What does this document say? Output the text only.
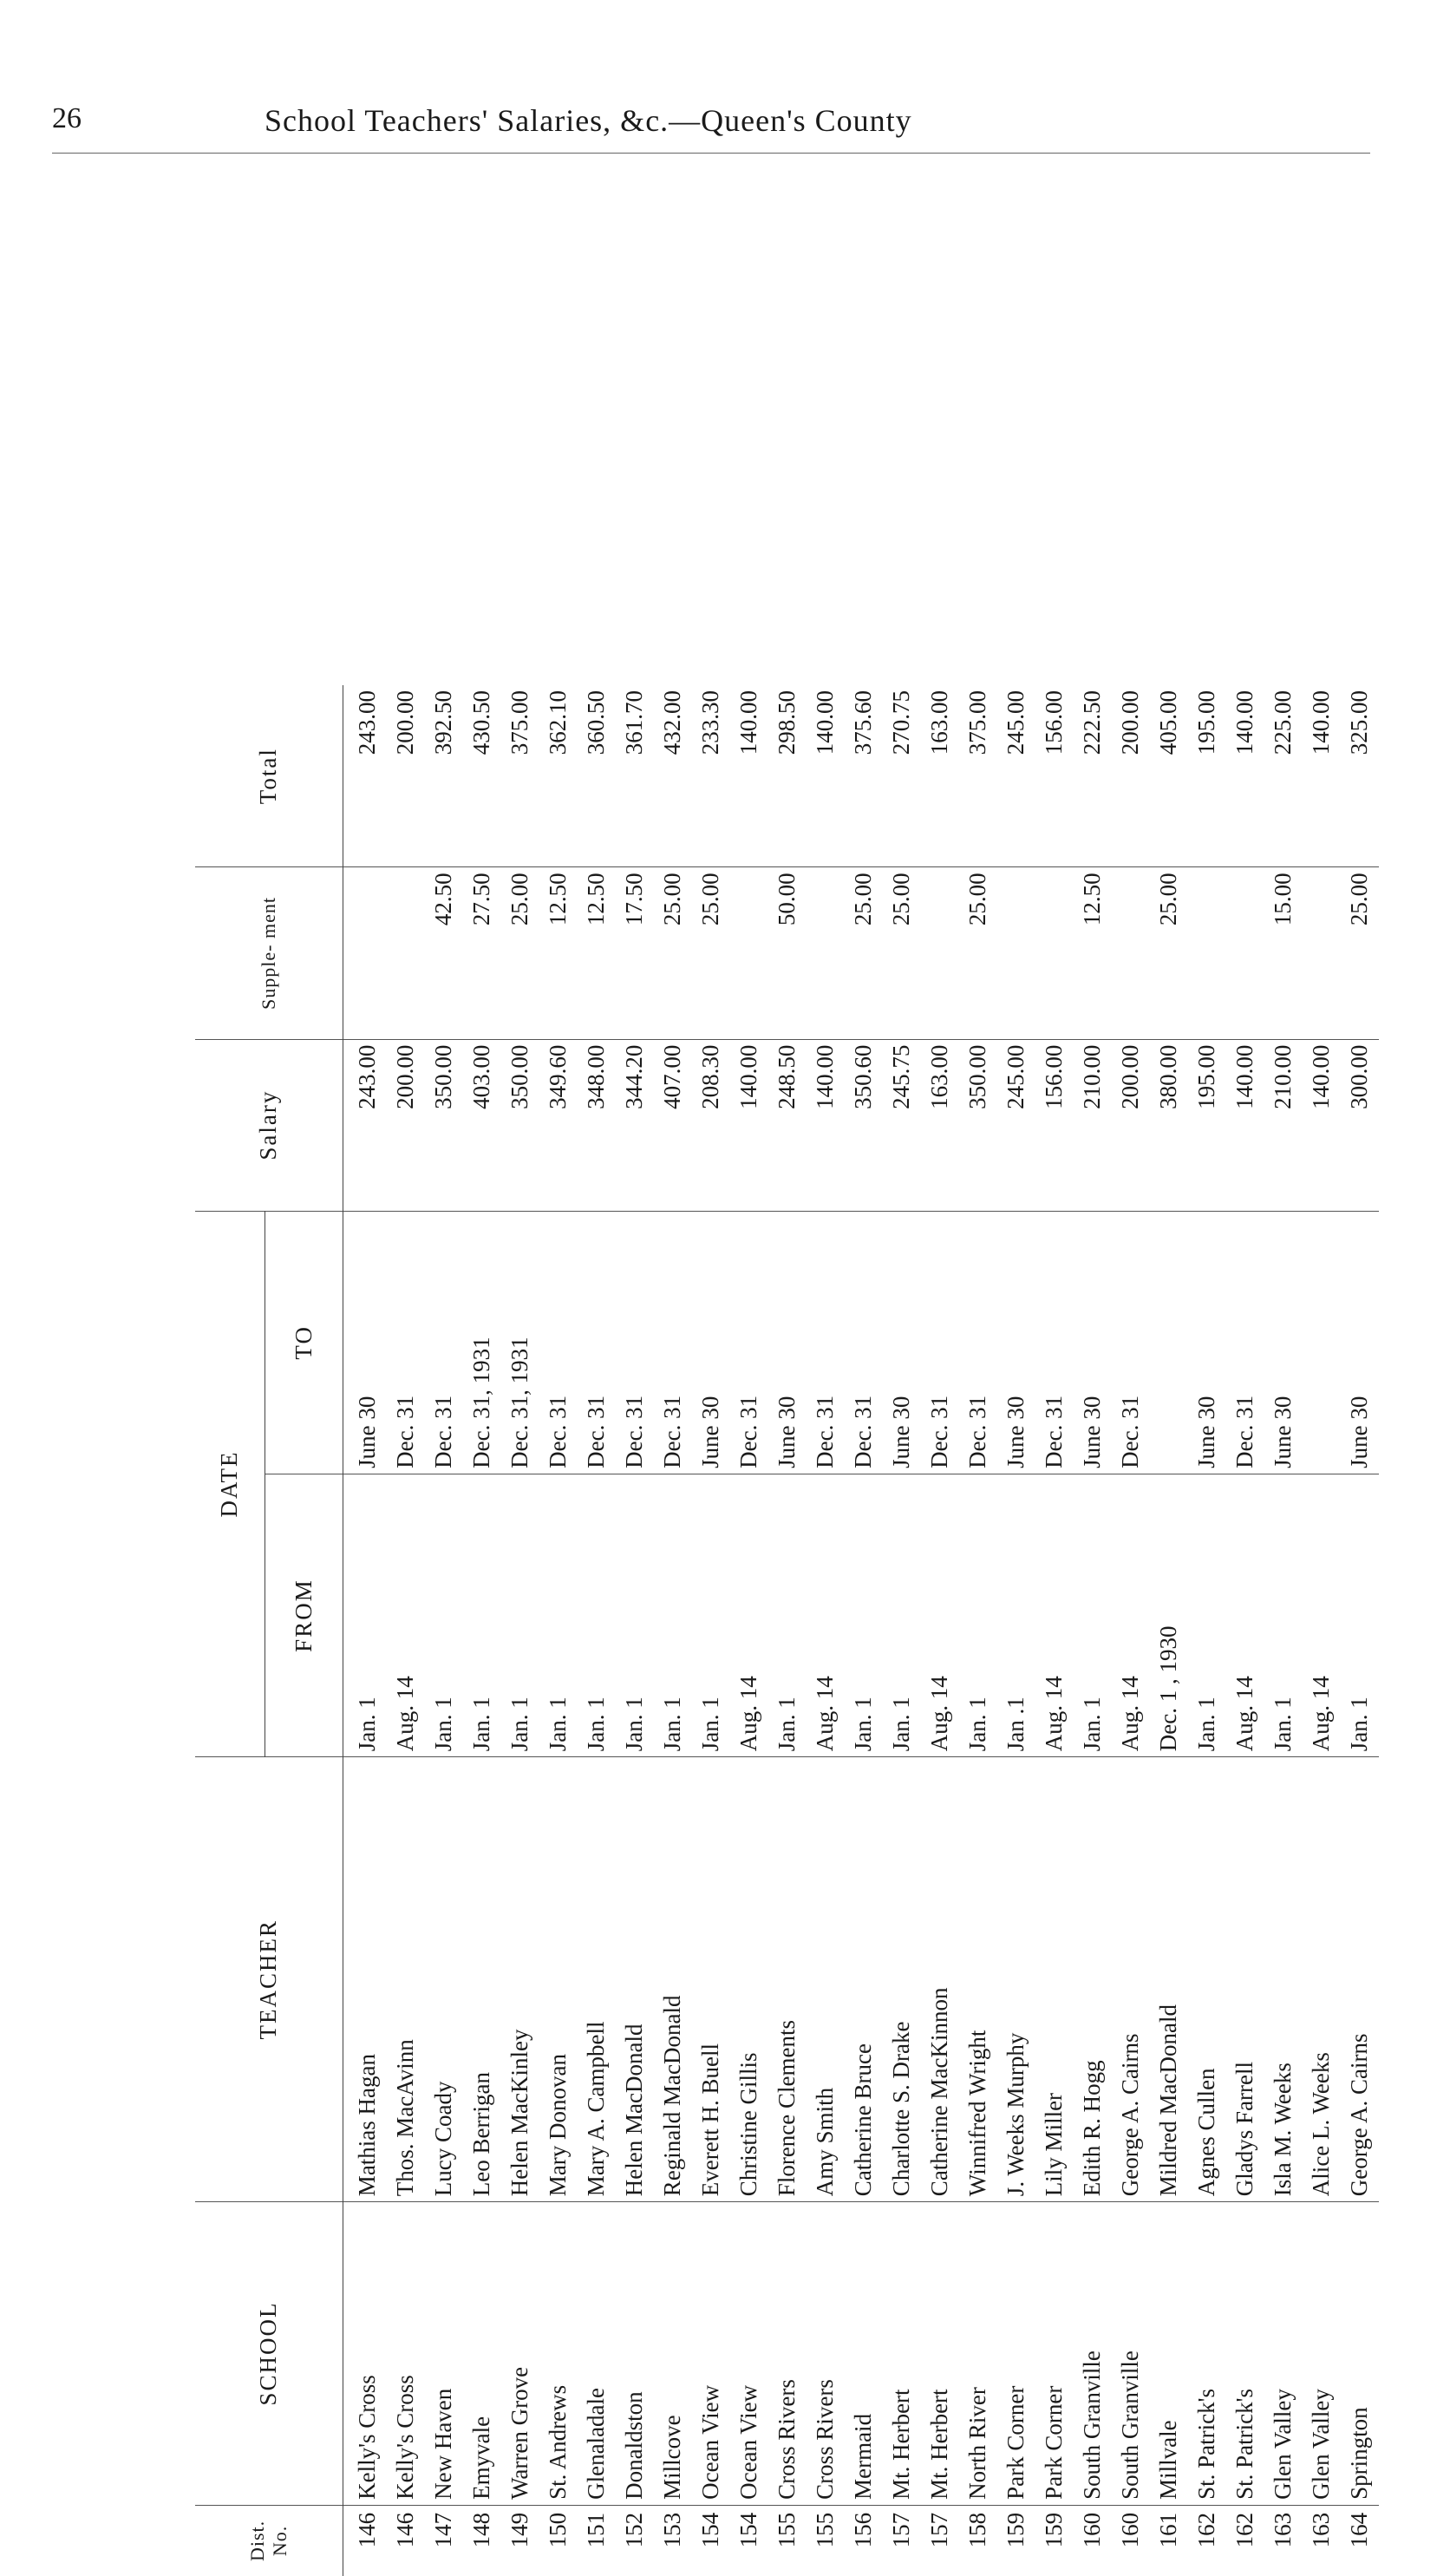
26	School Teachers' Salaries, &c.—Queen's County
Dist. No.	SCHOOL	TEACHER	DATE		Salary	Supple- ment	Total
			FROM	TO			
146	Kelly's Cross	Mathias Hagan	Jan. 1	June 30	243.00		243.00
146	Kelly's Cross	Thos. MacAvinn	Aug. 14	Dec. 31	200.00		200.00
147	New Haven	Lucy Coady	Jan. 1	Dec. 31	350.00	42.50	392.50
148	Emyvale	Leo Berrigan	Jan. 1	Dec. 31, 1931	403.00	27.50	430.50
149	Warren Grove	Helen MacKinley	Jan. 1	Dec. 31, 1931	350.00	25.00	375.00
150	St. Andrews	Mary Donovan	Jan. 1	Dec. 31	349.60	12.50	362.10
151	Glenaladale	Mary A. Campbell	Jan. 1	Dec. 31	348.00	12.50	360.50
152	Donaldston	Helen MacDonald	Jan. 1	Dec. 31	344.20	17.50	361.70
153	Millcove	Reginald MacDonald	Jan. 1	Dec. 31	407.00	25.00	432.00
154	Ocean View	Everett H. Buell	Jan. 1	June 30	208.30	25.00	233.30
154	Ocean View	Christine Gillis	Aug. 14	Dec. 31	140.00		140.00
155	Cross Rivers	Florence Clements	Jan. 1	June 30	248.50	50.00	298.50
155	Cross Rivers	Amy Smith	Aug. 14	Dec. 31	140.00		140.00
156	Mermaid	Catherine Bruce	Jan. 1	Dec. 31	350.60	25.00	375.60
157	Mt. Herbert	Charlotte S. Drake	Jan. 1	June 30	245.75	25.00	270.75
157	Mt. Herbert	Catherine MacKinnon	Aug. 14	Dec. 31	163.00		163.00
158	North River	Winnifred Wright	Jan. 1	Dec. 31	350.00	25.00	375.00
159	Park Corner	J. Weeks Murphy	Jan .1	June 30	245.00		245.00
159	Park Corner	Lily Miller	Aug. 14	Dec. 31	156.00		156.00
160	South Granville	Edith R. Hogg	Jan. 1	June 30	210.00	12.50	222.50
160	South Granville	George A. Cairns	Aug. 14	Dec. 31	200.00		200.00
161	Millvale	Mildred MacDonald	Dec. 1 , 1930		380.00	25.00	405.00
162	St. Patrick's	Agnes Cullen	Jan. 1	June 30	195.00		195.00
162	St. Patrick's	Gladys Farrell	Aug. 14	Dec. 31	140.00		140.00
163	Glen Valley	Isla M. Weeks	Jan. 1	June 30	210.00	15.00	225.00
163	Glen Valley	Alice L. Weeks	Aug. 14		140.00		140.00
164	Springton	George A. Cairns	Jan. 1	June 30	300.00	25.00	325.00
